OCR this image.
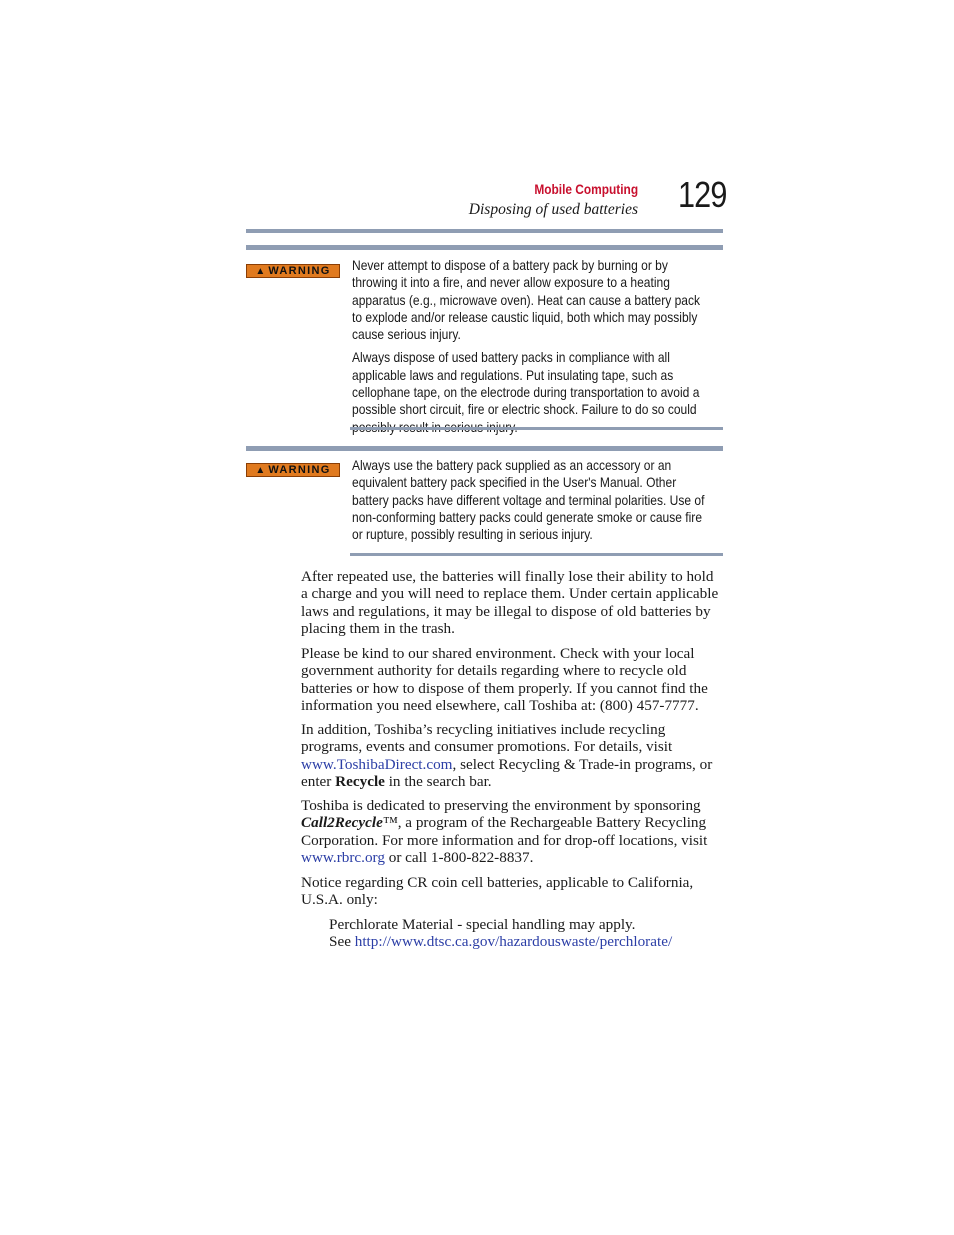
Mobile Computing
Disposing of used batteries 129
▲ WARNING Never attempt to dispose of a battery pack by burning or by throwing it into a fire, and never allow exposure to a heating apparatus (e.g., microwave oven). Heat can cause a battery pack to explode and/or release caustic liquid, both which may possibly cause serious injury.

Always dispose of used battery packs in compliance with all applicable laws and regulations. Put insulating tape, such as cellophane tape, on the electrode during transportation to avoid a possible short circuit, fire or electric shock. Failure to do so could

▲ WARNING Always use the battery pack supplied as an accessory or an equivalent battery pack specified in the User's Manual. Other battery packs have different voltage and terminal polarities. Use of non-conforming battery packs could generate smoke or cause fire or rupture, possibly resulting in serious injury.

After repeated use, the batteries will finally lose their ability to hold a charge and you will need to replace them. Under certain applicable laws and regulations, it may be illegal to dispose of old batteries by placing them in the trash.

Please be kind to our shared environment. Check with your local government authority for details regarding where to recycle old batteries or how to dispose of them properly. If you cannot find the information you need elsewhere, call Toshiba at: (800) 457-7777.

In addition, Toshiba’s recycling initiatives include recycling programs, events and consumer promotions. For details, visit www.ToshibaDirect.com, select Recycling & Trade-in programs, or enter Recycle in the search bar.

Toshiba is dedicated to preserving the environment by sponsoring Call2Recycle™, a program of the Rechargeable Battery Recycling Corporation. For more information and for drop-off locations, visit www.rbrc.org or call 1-800-822-8837.

Notice regarding CR coin cell batteries, applicable to California, U.S.A. only:

Perchlorate Material - special handling may apply.
See http://www.dtsc.ca.gov/hazardouswaste/perchlorate/
